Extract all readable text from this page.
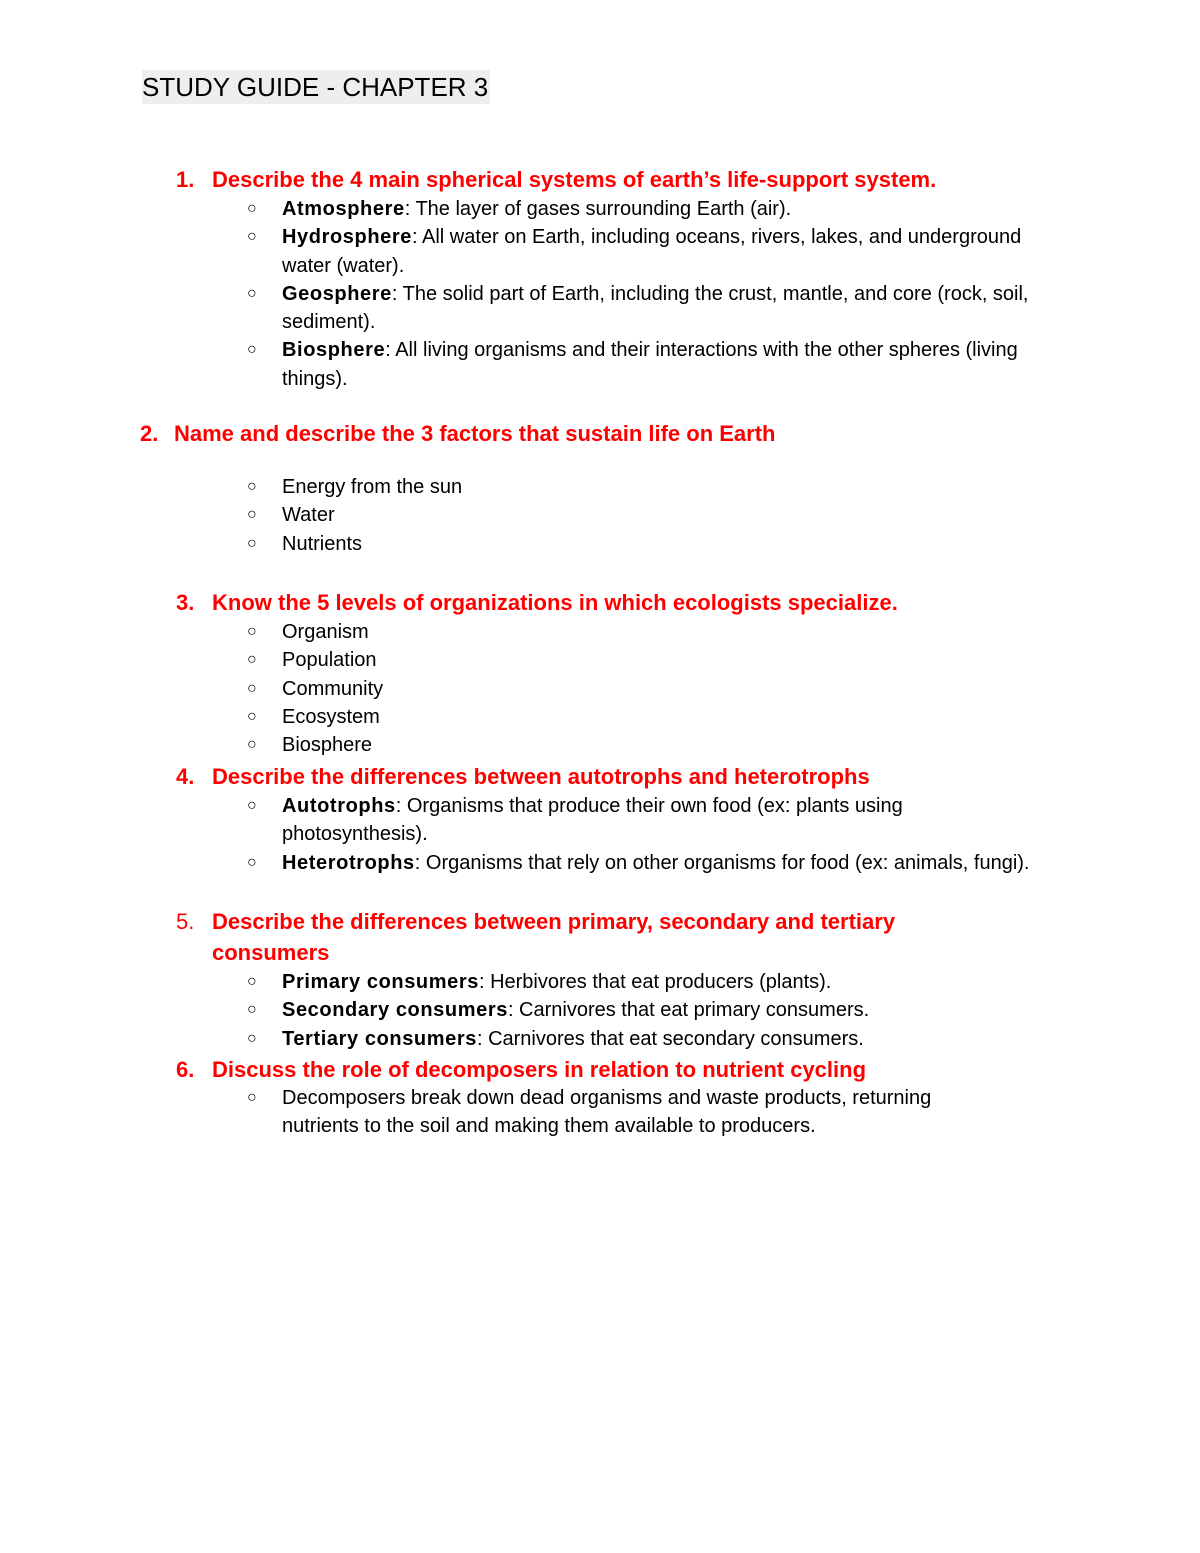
STUDY GUIDE - CHAPTER 3
1. Describe the 4 main spherical systems of earth’s life-support system.
○ Atmosphere: The layer of gases surrounding Earth (air).
○ Hydrosphere: All water on Earth, including oceans, rivers, lakes, and underground water (water).
○ Geosphere: The solid part of Earth, including the crust, mantle, and core (rock, soil, sediment).
○ Biosphere: All living organisms and their interactions with the other spheres (living things).
2. Name and describe the 3 factors that sustain life on Earth
○ Energy from the sun
○ Water
○ Nutrients
3. Know the 5 levels of organizations in which ecologists specialize.
○ Organism
○ Population
○ Community
○ Ecosystem
○ Biosphere
4. Describe the differences between autotrophs and heterotrophs
○ Autotrophs: Organisms that produce their own food (ex: plants using photosynthesis).
○ Heterotrophs: Organisms that rely on other organisms for food (ex: animals, fungi).
5. Describe the differences between primary, secondary and tertiary consumers
○ Primary consumers: Herbivores that eat producers (plants).
○ Secondary consumers: Carnivores that eat primary consumers.
○ Tertiary consumers: Carnivores that eat secondary consumers.
6. Discuss the role of decomposers in relation to nutrient cycling
○ Decomposers break down dead organisms and waste products, returning nutrients to the soil and making them available to producers.
